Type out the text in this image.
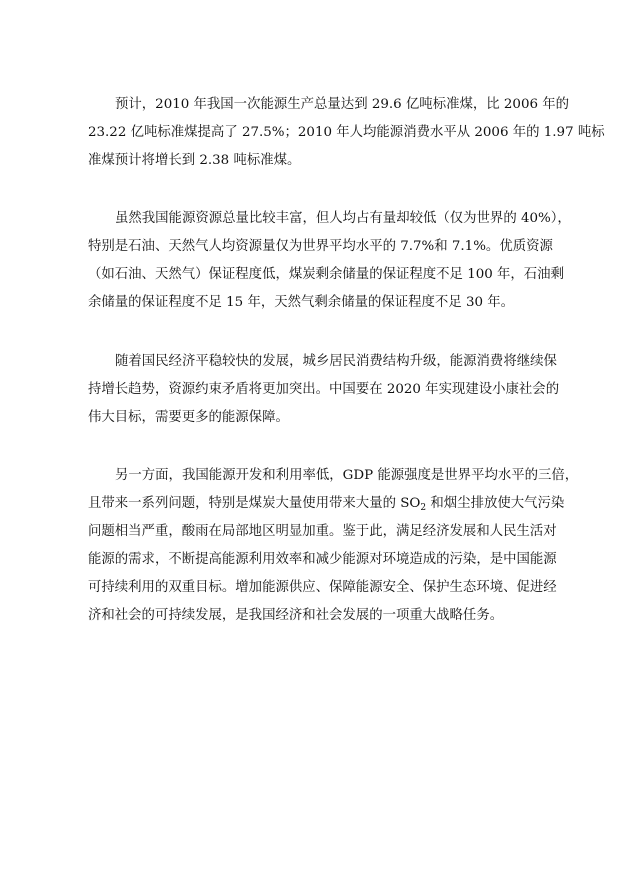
预计，2010 年我国一次能源生产总量达到 29.6 亿吨标准煤，比 2006 年的
23.22 亿吨标准煤提高了 27.5%；2010 年人均能源消费水平从 2006 年的 1.97 吨标
准煤预计将增长到 2.38 吨标准煤。
虽然我国能源资源总量比较丰富，但人均占有量却较低（仅为世界的 40%），
特别是石油、天然气人均资源量仅为世界平均水平的 7.7%和 7.1%。优质资源
（如石油、天然气）保证程度低，煤炭剩余储量的保证程度不足 100 年，石油剩
余储量的保证程度不足 15 年，天然气剩余储量的保证程度不足 30 年。
随着国民经济平稳较快的发展，城乡居民消费结构升级，能源消费将继续保
持增长趋势，资源约束矛盾将更加突出。中国要在 2020 年实现建设小康社会的
伟大目标，需要更多的能源保障。
另一方面，我国能源开发和利用率低，GDP 能源强度是世界平均水平的三倍，
且带来一系列问题，特别是煤炭大量使用带来大量的 $SO_2$ 和烟尘排放使大气污染
问题相当严重，酸雨在局部地区明显加重。鉴于此，满足经济发展和人民生活对
能源的需求，不断提高能源利用效率和减少能源对环境造成的污染，是中国能源
可持续利用的双重目标。增加能源供应、保障能源安全、保护生态环境、促进经
济和社会的可持续发展，是我国经济和社会发展的一项重大战略任务。
